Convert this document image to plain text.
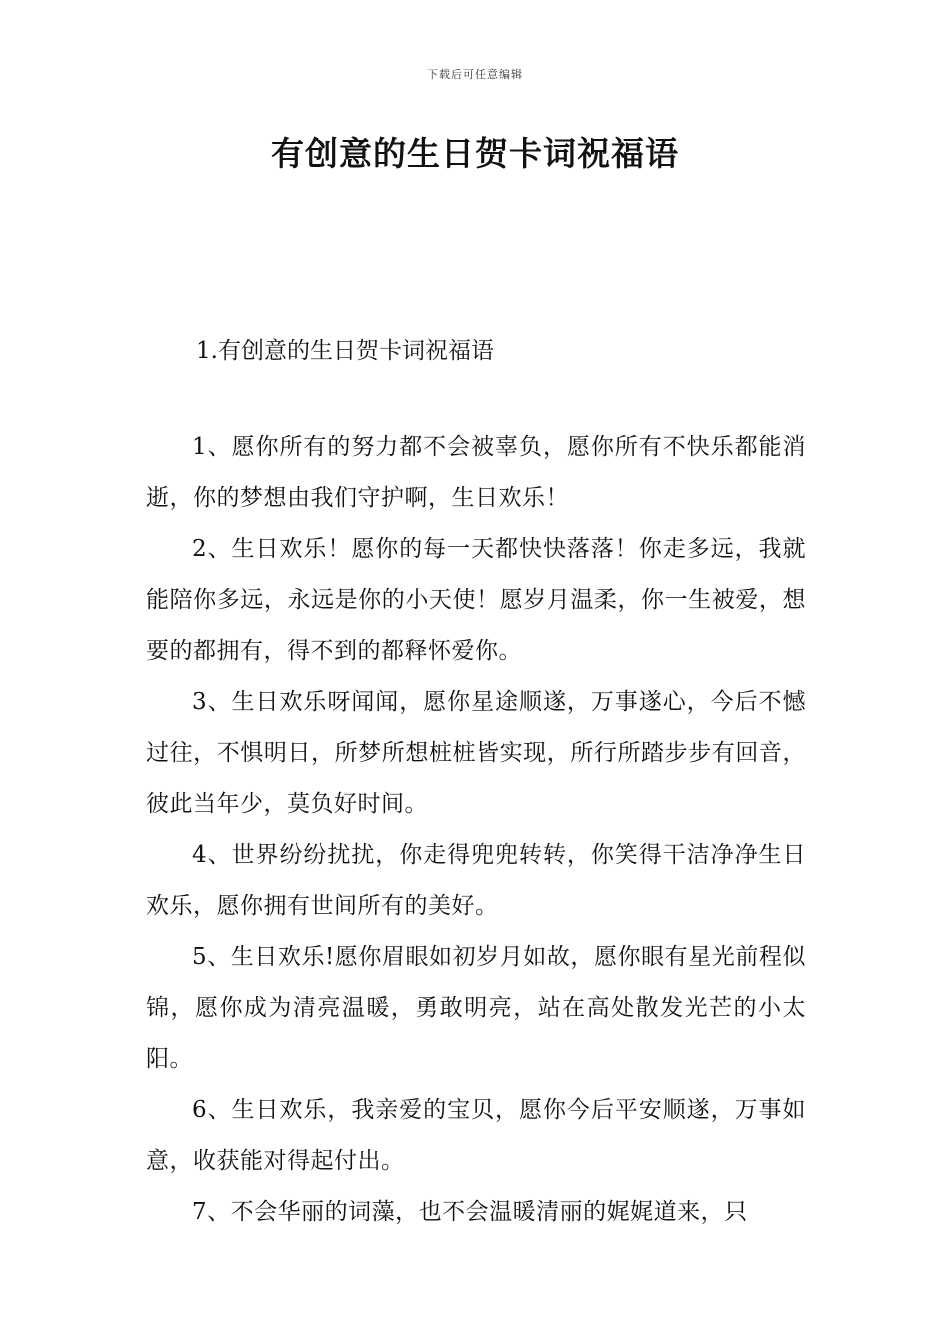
下载后可任意编辑
有创意的生日贺卡词祝福语
1.有创意的生日贺卡词祝福语

1、愿你所有的努力都不会被辜负，愿你所有不快乐都能消逝，你的梦想由我们守护啊，生日欢乐！

2、生日欢乐！愿你的每一天都快快落落！你走多远，我就能陪你多远，永远是你的小天使！愿岁月温柔，你一生被爱，想要的都拥有，得不到的都释怀爱你。

3、生日欢乐呀闻闻，愿你星途顺遂，万事遂心，今后不憾过往，不惧明日，所梦所想桩桩皆实现，所行所踏步步有回音，彼此当年少，莫负好时间。

4、世界纷纷扰扰，你走得兜兜转转，你笑得干洁净净生日欢乐，愿你拥有世间所有的美好。

5、生日欢乐!愿你眉眼如初岁月如故，愿你眼有星光前程似锦，愿你成为清亮温暖，勇敢明亮，站在高处散发光芒的小太阳。

6、生日欢乐，我亲爱的宝贝，愿你今后平安顺遂，万事如意，收获能对得起付出。

7、不会华丽的词藻，也不会温暖清丽的娓娓道来，只
